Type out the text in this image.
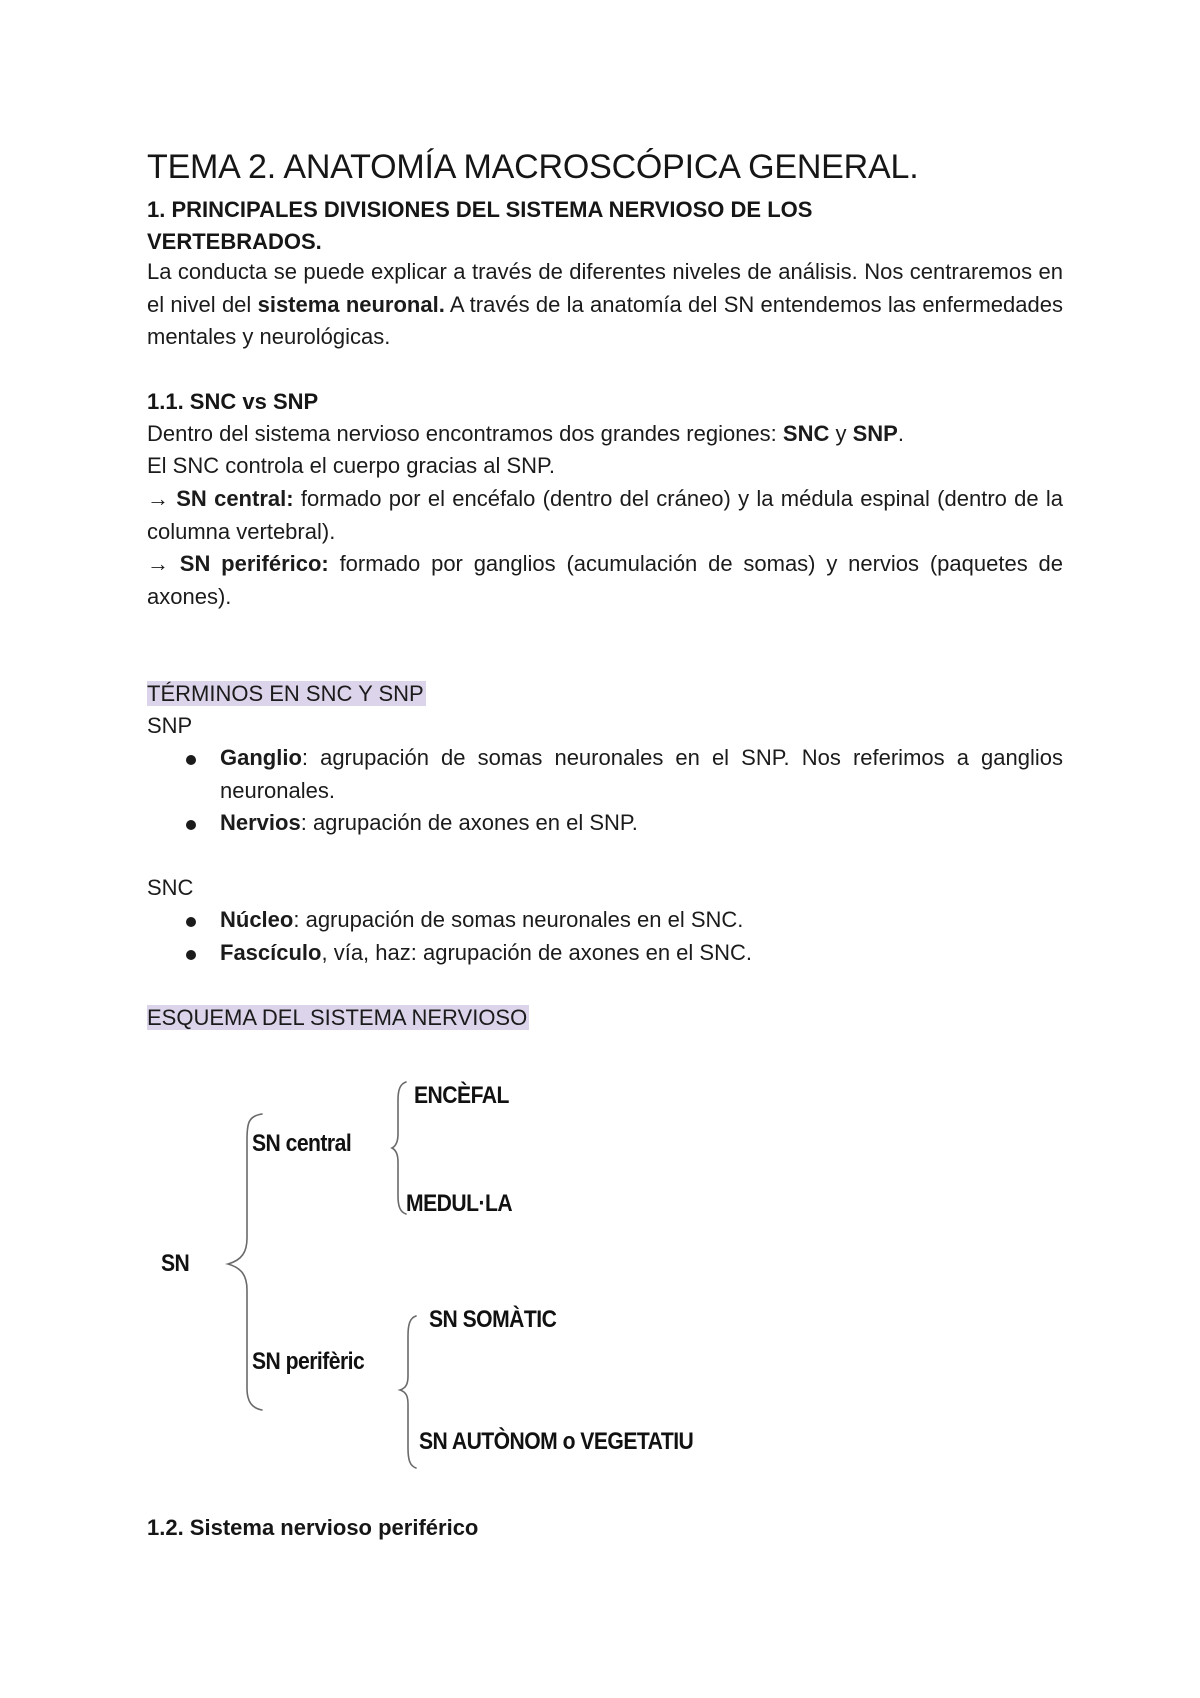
TEMA 2. ANATOMÍA MACROSCÓPICA GENERAL.

1. PRINCIPALES DIVISIONES DEL SISTEMA NERVIOSO DE LOS

VERTEBRADOS.

La conducta se puede explicar a través de diferentes niveles de análisis. Nos centraremos en el nivel del sistema neuronal. A través de la anatomía del SN entendemos las enfermedades mentales y neurológicas.

1.1. SNC vs SNP

Dentro del sistema nervioso encontramos dos grandes regiones: SNC y SNP.

El SNC controla el cuerpo gracias al SNP.

→ SN central: formado por el encéfalo (dentro del cráneo) y la médula espinal (dentro de la columna vertebral).

→ SN periférico: formado por ganglios (acumulación de somas) y nervios (paquetes de axones).

TÉRMINOS EN SNC Y SNP

SNP

Ganglio: agrupación de somas neuronales en el SNP. Nos referimos a ganglios neuronales.
Nervios: agrupación de axones en el SNP.

SNC

Núcleo: agrupación de somas neuronales en el SNC.
Fascículo, vía, haz: agrupación de axones en el SNC.

ESQUEMA DEL SISTEMA NERVIOSO

1.2. Sistema nervioso periférico

SN
SN central
ENCÈFAL
MEDUL·LA
SN perifèric
SN SOMÀTIC
SN AUTÒNOM o VEGETATIU
